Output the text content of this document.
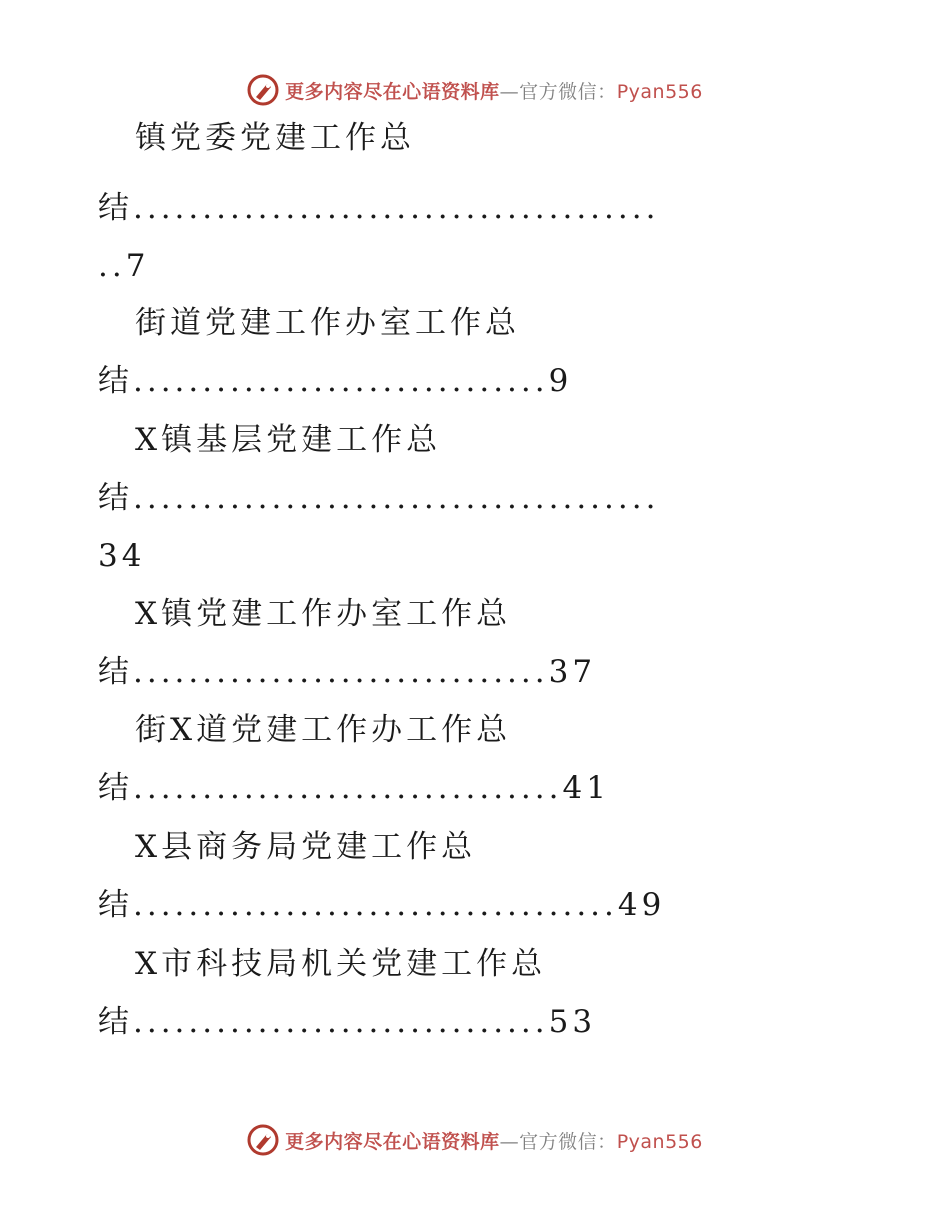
更多内容尽在心语资料库—官方微信：Pyan556
镇党委党建工作总
结......................................
..7
街道党建工作办室工作总
结..............................9
X镇基层党建工作总
结......................................
34
X镇党建工作办室工作总
结..............................37
街X道党建工作办工作总
结...............................41
X县商务局党建工作总
结...................................49
X市科技局机关党建工作总
结..............................53
更多内容尽在心语资料库—官方微信：Pyan556
